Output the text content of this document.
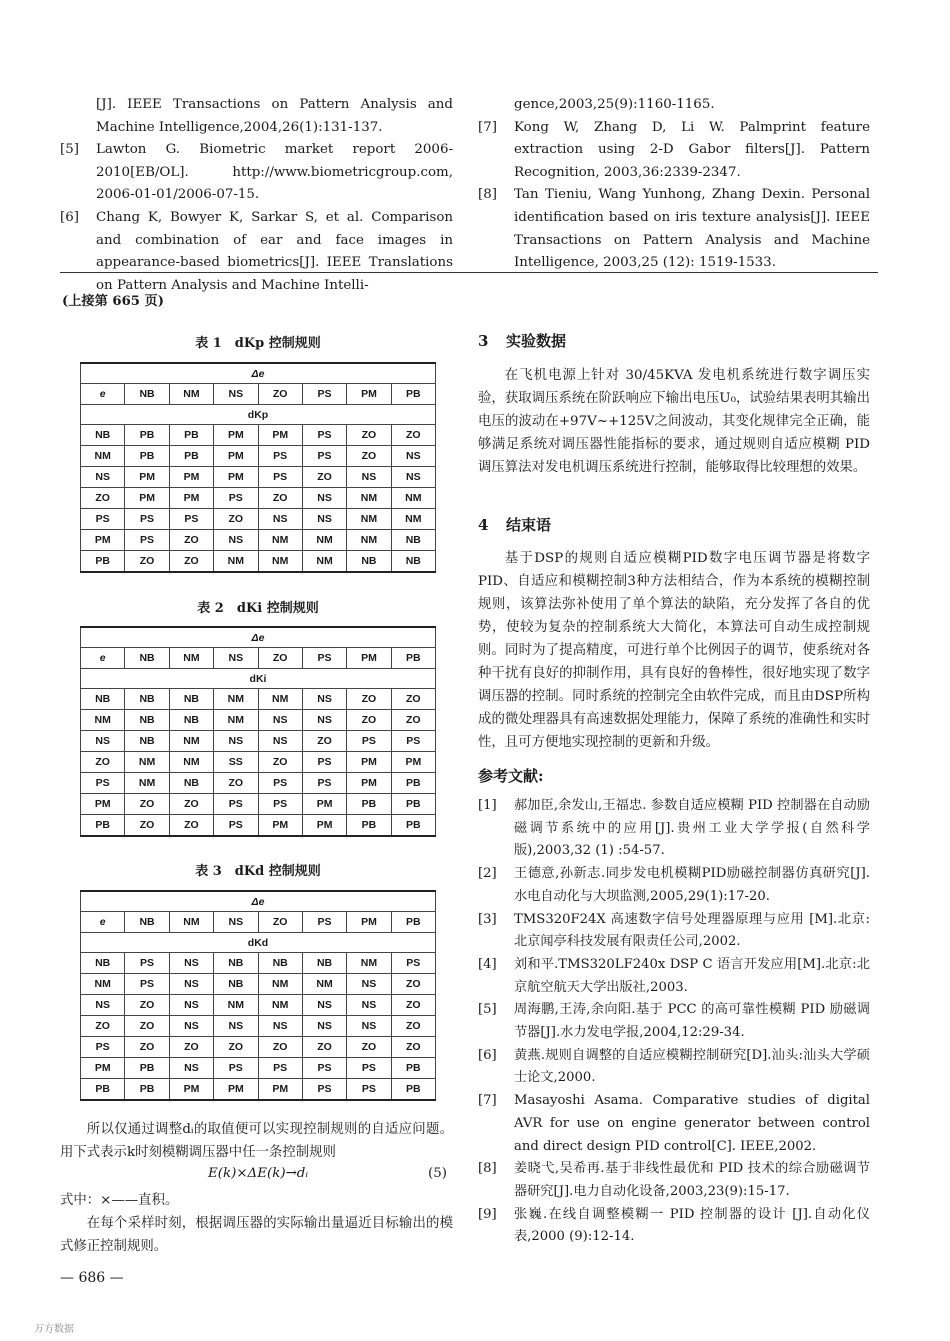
[J]. IEEE Transactions on Pattern Analysis and Machine Intelligence,2004,26(1):131-137.
[5] Lawton G. Biometric market report 2006-2010[EB/OL]. http://www.biometricgroup.com, 2006-01-01/2006-07-15.
[6] Chang K, Bowyer K, Sarkar S, et al. Comparison and combination of ear and face images in appearance-based biometrics[J]. IEEE Translations on Pattern Analysis and Machine Intelli-
gence,2003,25(9):1160-1165.
[7] Kong W, Zhang D, Li W. Palmprint feature extraction using 2-D Gabor filters[J]. Pattern Recognition, 2003,36:2339-2347.
[8] Tan Tieniu, Wang Yunhong, Zhang Dexin. Personal identification based on iris texture analysis[J]. IEEE Transactions on Pattern Analysis and Machine Intelligence, 2003,25 (12): 1519-1533.
(上接第 665 页)
表 1　dKp 控制规则
Δe							
e	NB	NM	NS	ZO	PS	PM	PB
dKp							
NB	PB	PB	PM	PM	PS	ZO	ZO
NM	PB	PB	PM	PS	PS	ZO	NS
NS	PM	PM	PM	PS	ZO	NS	NS
ZO	PM	PM	PS	ZO	NS	NM	NM
PS	PS	PS	ZO	NS	NS	NM	NM
PM	PS	ZO	NS	NM	NM	NM	NB
PB	ZO	ZO	NM	NM	NM	NB	NB
表 2　dKi 控制规则
Δe							
e	NB	NM	NS	ZO	PS	PM	PB
dKi							
NB	NB	NB	NM	NM	NS	ZO	ZO
NM	NB	NB	NM	NS	NS	ZO	ZO
NS	NB	NM	NS	NS	ZO	PS	PS
ZO	NM	NM	SS	ZO	PS	PM	PM
PS	NM	NB	ZO	PS	PS	PM	PB
PM	ZO	ZO	PS	PS	PM	PB	PB
PB	ZO	ZO	PS	PM	PM	PB	PB
表 3　dKd 控制规则
Δe							
e	NB	NM	NS	ZO	PS	PM	PB
dKd							
NB	PS	NS	NB	NB	NB	NM	PS
NM	PS	NS	NB	NM	NM	NS	ZO
NS	ZO	NS	NM	NM	NS	NS	ZO
ZO	ZO	NS	NS	NS	NS	NS	ZO
PS	ZO	ZO	ZO	ZO	ZO	ZO	ZO
PM	PB	NS	PS	PS	PS	PS	PB
PB	PB	PM	PM	PM	PS	PS	PB

所以仅通过调整dᵢ的取值便可以实现控制规则的自适应问题。用下式表示k时刻模糊调压器中任一条控制规则

E(k)×ΔE(k)→dᵢ	(5)

式中：×——直积。

在每个采样时刻，根据调压器的实际输出量逼近目标输出的模式修正控制规则。

— 686 —
3 实验数据

在飞机电源上针对 30/45KVA 发电机系统进行数字调压实验，获取调压系统在阶跃响应下输出电压U₀，试验结果表明其输出电压的波动在+97V~+125V之间波动，其变化规律完全正确，能够满足系统对调压器性能指标的要求，通过规则自适应模糊 PID 调压算法对发电机调压系统进行控制，能够取得比较理想的效果。

4 结束语

基于DSP的规则自适应模糊PID数字电压调节器是将数字PID、自适应和模糊控制3种方法相结合，作为本系统的模糊控制规则，该算法弥补使用了单个算法的缺陷，充分发挥了各自的优势，使较为复杂的控制系统大大简化，本算法可自动生成控制规则。同时为了提高精度，可进行单个比例因子的调节，使系统对各种干扰有良好的抑制作用，具有良好的鲁棒性，很好地实现了数字调压器的控制。同时系统的控制完全由软件完成，而且由DSP所构成的微处理器具有高速数据处理能力，保障了系统的准确性和实时性，且可方便地实现控制的更新和升级。

参考文献:
[1] 郝加臣,余发山,王福忠. 参数自适应模糊 PID 控制器在自动励磁调节系统中的应用[J].贵州工业大学学报(自然科学版),2003,32 (1) :54-57.
[2] 王德意,孙新志.同步发电机模糊PID励磁控制器仿真研究[J].水电自动化与大坝监测,2005,29(1):17-20.
[3] TMS320F24X 高速数字信号处理器原理与应用 [M].北京:北京闻亭科技发展有限责任公司,2002.
[4] 刘和平.TMS320LF240x DSP C 语言开发应用[M].北京:北京航空航天大学出版社,2003.
[5] 周海鹏,王涛,余向阳.基于 PCC 的高可靠性模糊 PID 励磁调节器[J].水力发电学报,2004,12:29-34.
[6] 黄燕.规则自调整的自适应模糊控制研究[D].汕头:汕头大学硕士论文,2000.
[7] Masayoshi Asama. Comparative studies of digital AVR for use on engine generator between control and direct design PID control[C]. IEEE,2002.
[8] 姜晓弋,吴希再.基于非线性最优和 PID 技术的综合励磁调节器研究[J].电力自动化设备,2003,23(9):15-17.
[9] 张巍.在线自调整模糊一 PID 控制器的设计 [J].自动化仪表,2000 (9):12-14.
万方数据
